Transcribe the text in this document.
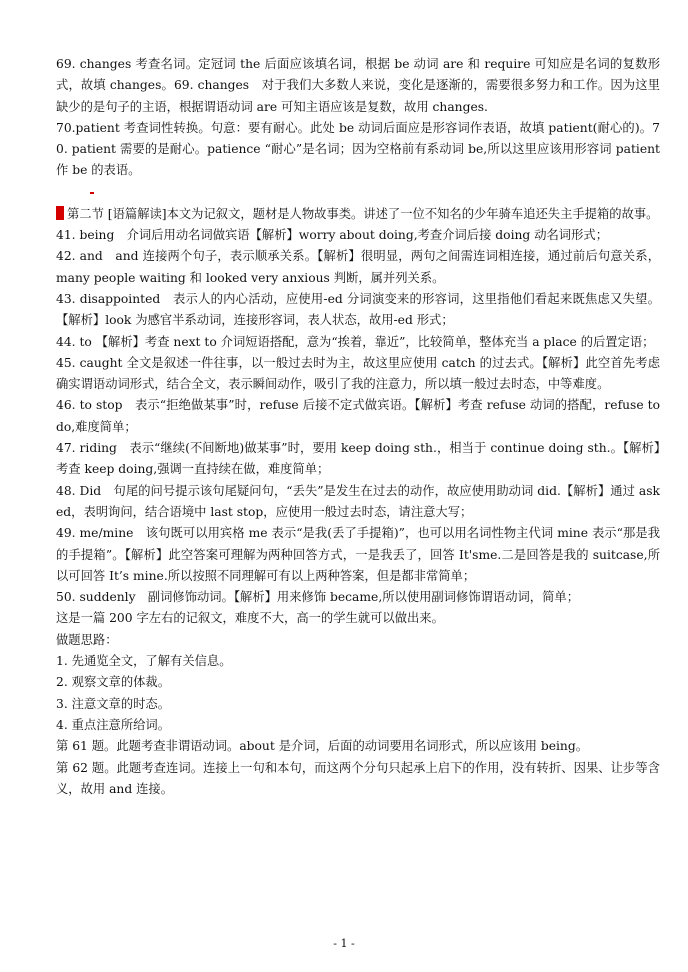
69. changes 考查名词。定冠词 the 后面应该填名词，根据 be 动词 are 和 require 可知应是名词的复数形式，故填 changes。69. changes　对于我们大多数人来说，变化是逐渐的，需要很多努力和工作。因为这里缺少的是句子的主语，根据谓语动词 are 可知主语应该是复数，故用 changes.

70.patient 考查词性转换。句意：要有耐心。此处 be 动词后面应是形容词作表语，故填 patient(耐心的)。70. patient 需要的是耐心。patience “耐心”是名词；因为空格前有系动词 be,所以这里应该用形容词 patient 作 be 的表语。

第二节 [语篇解读]本文为记叙文，题材是人物故事类。讲述了一位不知名的少年骑车追还失主手提箱的故事。

41. being　介词后用动名词做宾语【解析】worry about doing,考查介词后接 doing 动名词形式；

42. and　and 连接两个句子，表示顺承关系。【解析】很明显，两句之间需连词相连接，通过前后句意关系，many people waiting 和 looked very anxious 判断，属并列关系。

43. disappointed　表示人的内心活动，应使用-ed 分词演变来的形容词，这里指他们看起来既焦虑又失望。【解析】look 为感官半系动词，连接形容词，表人状态，故用-ed 形式；

44. to 【解析】考查 next to 介词短语搭配，意为“挨着，靠近”，比较简单，整体充当 a place 的后置定语；

45. caught 全文是叙述一件往事，以一般过去时为主，故这里应使用 catch 的过去式。【解析】此空首先考虑确实谓语动词形式，结合全文，表示瞬间动作，吸引了我的注意力，所以填一般过去时态，中等难度。

46. to stop　表示“拒绝做某事”时，refuse 后接不定式做宾语。【解析】考查 refuse 动词的搭配，refuse to do,难度简单；

47. riding　表示“继续(不间断地)做某事”时，要用 keep doing sth.，相当于 continue doing sth.。【解析】考查 keep doing,强调一直持续在做，难度简单；

48. Did　句尾的问号提示该句尾疑问句，“丢失”是发生在过去的动作，故应使用助动词 did.【解析】通过 asked，表明询问，结合语境中 last stop，应使用一般过去时态，请注意大写；

49. me/mine　该句既可以用宾格 me 表示“是我(丢了手提箱)”，也可以用名词性物主代词 mine 表示“那是我的手提箱”。【解析】此空答案可理解为两种回答方式，一是我丢了，回答 It'sme.二是回答是我的 suitcase,所以可回答 It’s mine.所以按照不同理解可有以上两种答案，但是都非常简单；

50. suddenly　副词修饰动词。【解析】用来修饰 became,所以使用副词修饰谓语动词，简单；

这是一篇 200 字左右的记叙文，难度不大，高一的学生就可以做出来。

做题思路：

1. 先通览全文，了解有关信息。

2. 观察文章的体裁。

3. 注意文章的时态。

4. 重点注意所给词。

第 61 题。此题考查非谓语动词。about 是介词，后面的动词要用名词形式，所以应该用 being。

第 62 题。此题考查连词。连接上一句和本句，而这两个分句只起承上启下的作用，没有转折、因果、让步等含义，故用 and 连接。

- 1 -
